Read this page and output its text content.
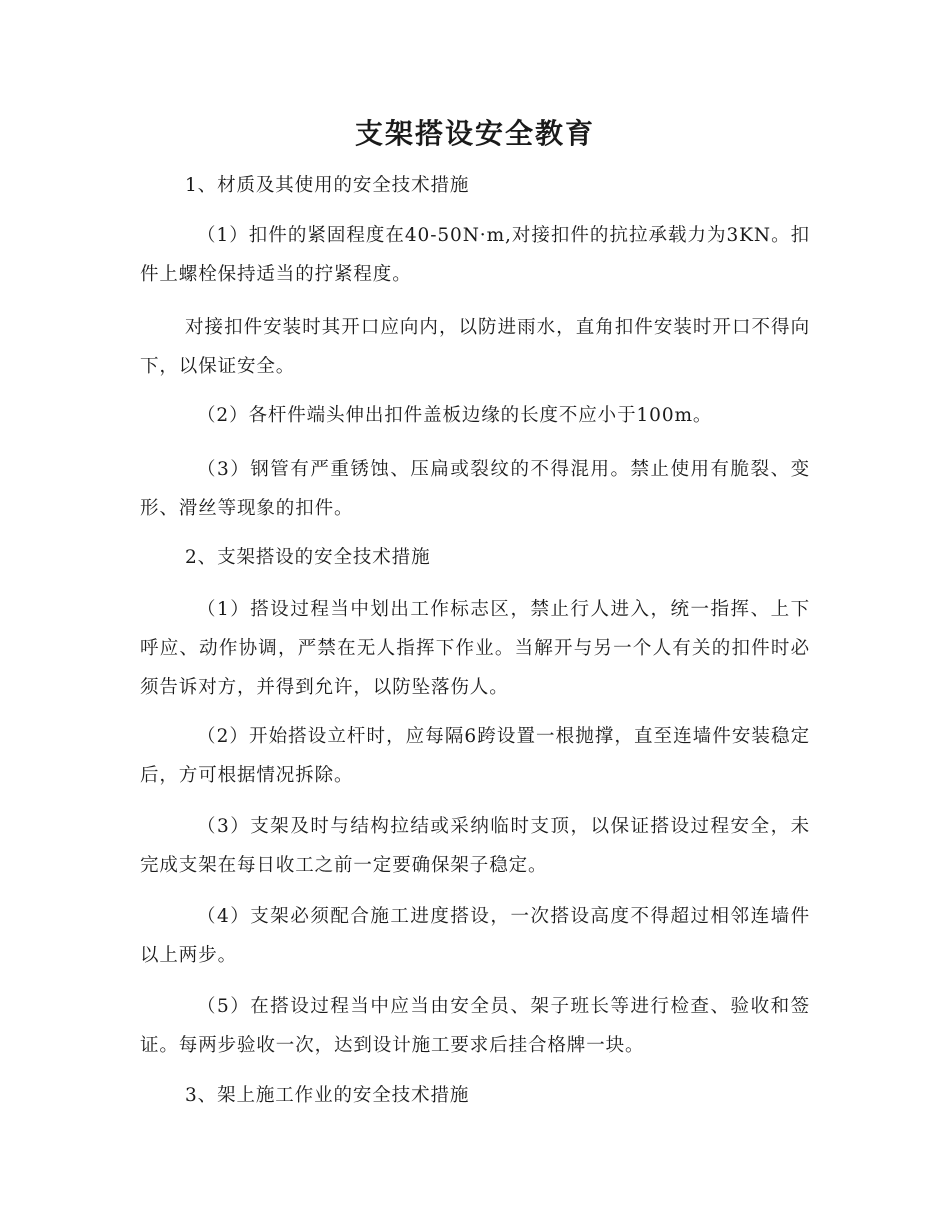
支架搭设安全教育

1、材质及其使用的安全技术措施

（1）扣件的紧固程度在40-50N·m,对接扣件的抗拉承载力为3KN。扣件上螺栓保持适当的拧紧程度。

对接扣件安装时其开口应向内，以防进雨水，直角扣件安装时开口不得向下，以保证安全。

（2）各杆件端头伸出扣件盖板边缘的长度不应小于100m。

（3）钢管有严重锈蚀、压扁或裂纹的不得混用。禁止使用有脆裂、变形、滑丝等现象的扣件。

2、支架搭设的安全技术措施

（1）搭设过程当中划出工作标志区，禁止行人进入，统一指挥、上下呼应、动作协调，严禁在无人指挥下作业。当解开与另一个人有关的扣件时必须告诉对方，并得到允许，以防坠落伤人。

（2）开始搭设立杆时，应每隔6跨设置一根抛撑，直至连墙件安装稳定后，方可根据情况拆除。

（3）支架及时与结构拉结或采纳临时支顶，以保证搭设过程安全，未完成支架在每日收工之前一定要确保架子稳定。

（4）支架必须配合施工进度搭设，一次搭设高度不得超过相邻连墙件以上两步。

（5）在搭设过程当中应当由安全员、架子班长等进行检查、验收和签证。每两步验收一次，达到设计施工要求后挂合格牌一块。

3、架上施工作业的安全技术措施
